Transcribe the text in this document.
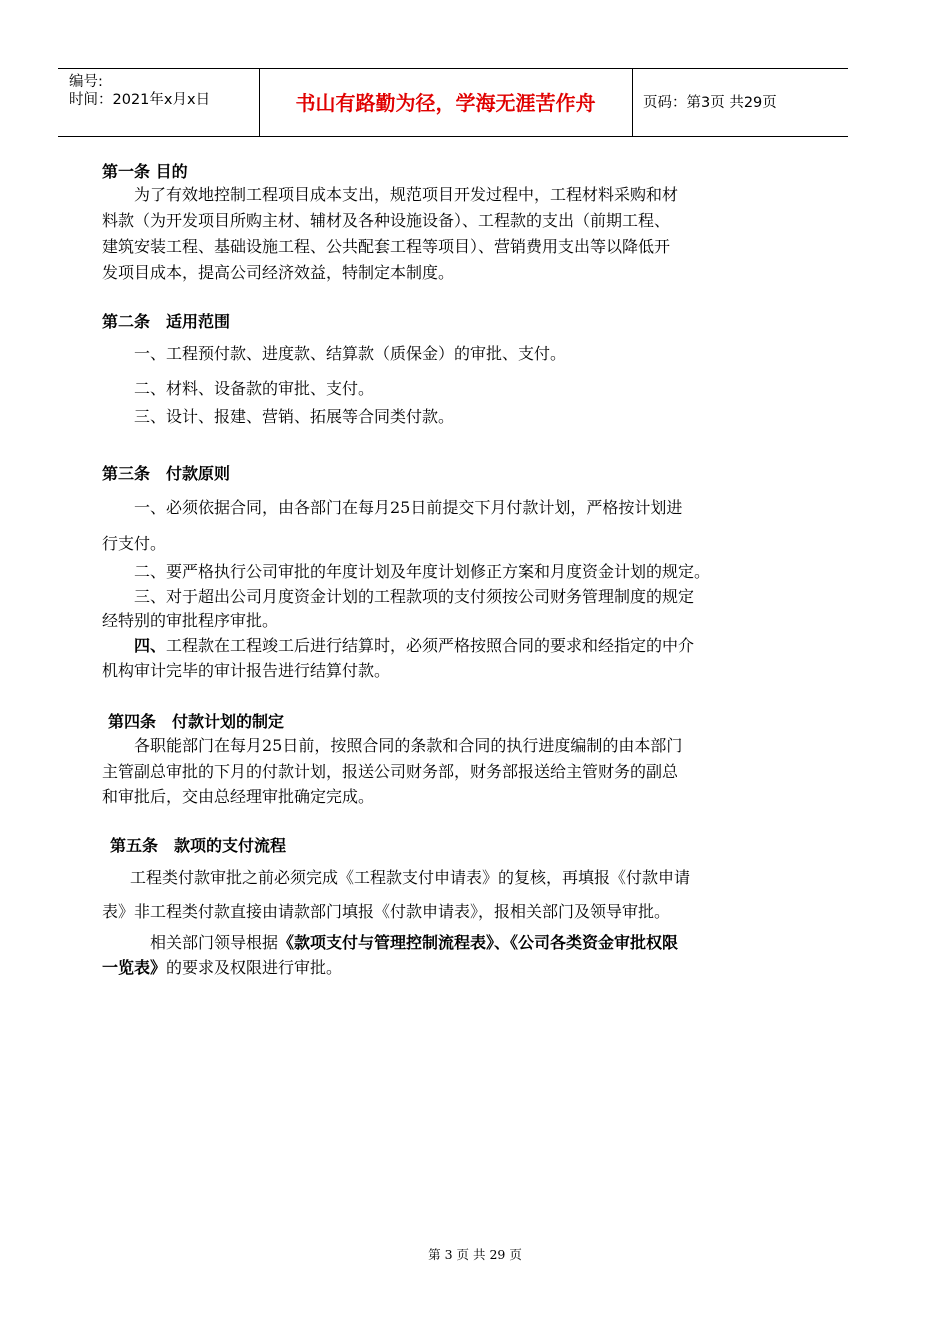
编号:
时间：2021年x月x日	书山有路勤为径，学海无涯苦作舟	页码：第3页 共29页
第一条 目的
为了有效地控制工程项目成本支出，规范项目开发过程中，工程材料采购和材
料款（为开发项目所购主材、辅材及各种设施设备）、工程款的支出（前期工程、
建筑安装工程、基础设施工程、公共配套工程等项目）、营销费用支出等以降低开
发项目成本，提高公司经济效益，特制定本制度。
第二条　适用范围
一、工程预付款、进度款、结算款（质保金）的审批、支付。
二、材料、设备款的审批、支付。
三、设计、报建、营销、拓展等合同类付款。
第三条　付款原则
一、必须依据合同，由各部门在每月25日前提交下月付款计划，严格按计划进
行支付。
二、要严格执行公司审批的年度计划及年度计划修正方案和月度资金计划的规定。
三、对于超出公司月度资金计划的工程款项的支付须按公司财务管理制度的规定
经特别的审批程序审批。
四、 工程款在工程竣工后进行结算时，必须严格按照合同的要求和经指定的中介
机构审计完毕的审计报告进行结算付款。
第四条　付款计划的制定
各职能部门在每月25日前，按照合同的条款和合同的执行进度编制的由本部门
主管副总审批的下月的付款计划，报送公司财务部，财务部报送给主管财务的副总
和审批后，交由总经理审批确定完成。
第五条　款项的支付流程
工程类付款审批之前必须完成《工程款支付申请表》的复核，再填报《付款申请
表》非工程类付款直接由请款部门填报《付款申请表》，报相关部门及领导审批。
相关部门领导根据《款项支付与管理控制流程表》、《公司各类资金审批权限
一览表》的要求及权限进行审批。
第 3 页 共 29 页
